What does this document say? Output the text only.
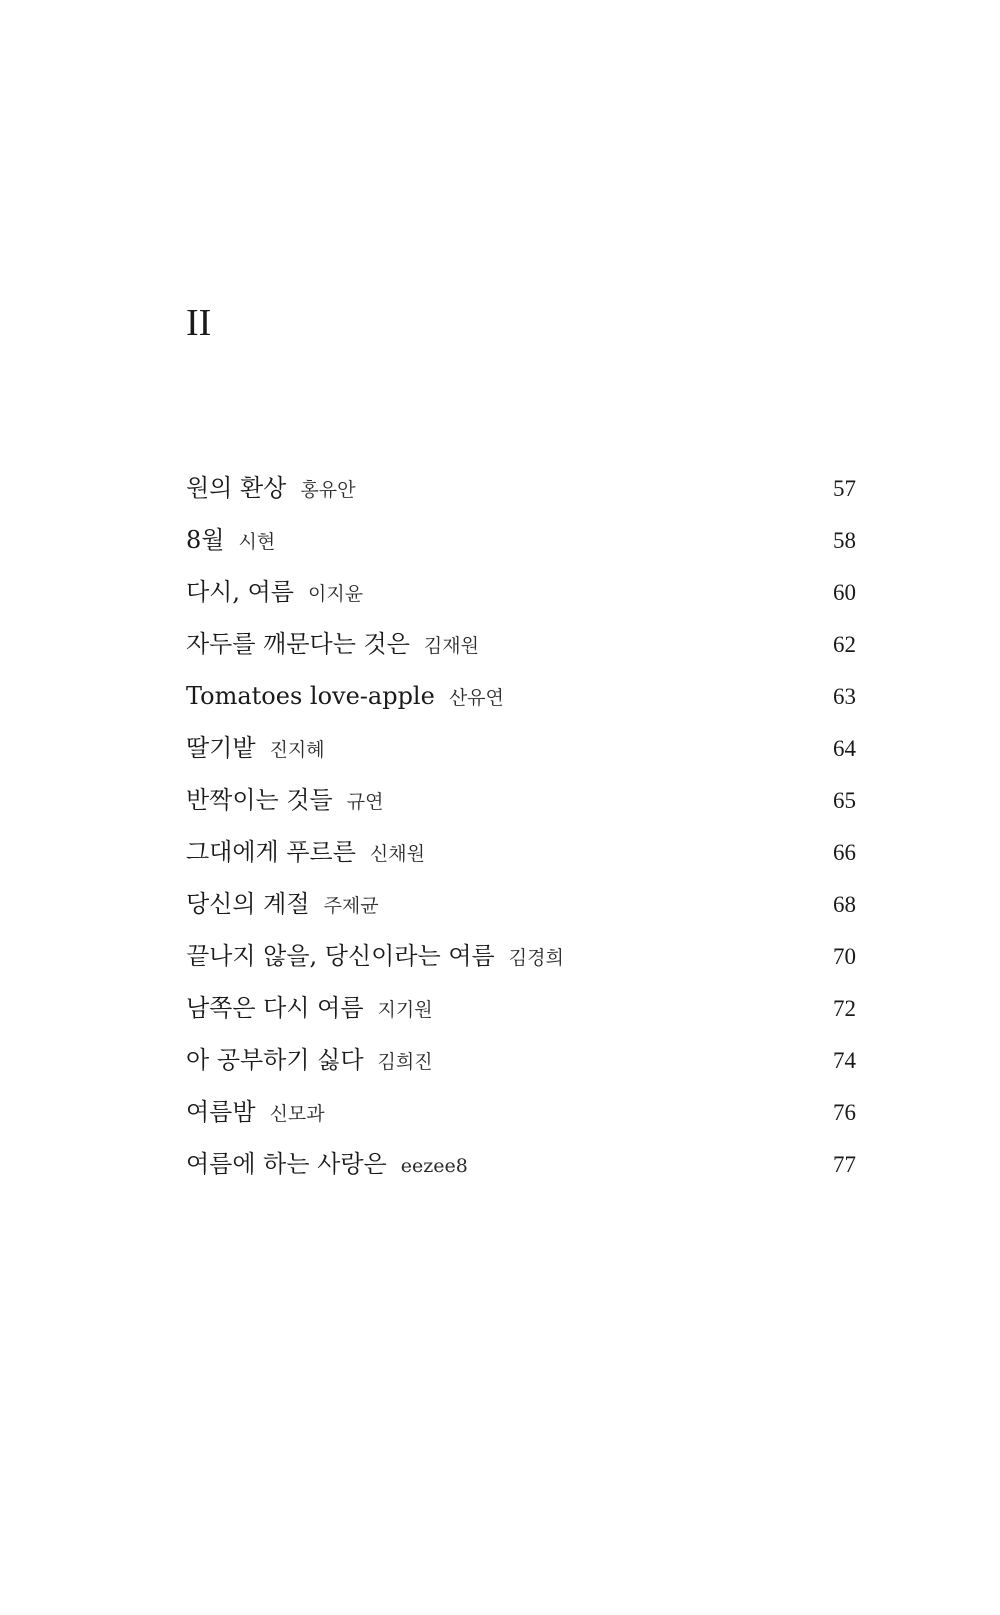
II
원의 환상 홍유안	57
8월 시현	58
다시, 여름 이지윤	60
자두를 깨문다는 것은 김재원	62
Tomatoes love-apple 산유연	63
딸기밭 진지혜	64
반짝이는 것들 규연	65
그대에게 푸르른 신채원	66
당신의 계절 주제균	68
끝나지 않을, 당신이라는 여름 김경희	70
남쪽은 다시 여름 지기원	72
아 공부하기 싫다 김희진	74
여름밤 신모과	76
여름에 하는 사랑은 eezee8	77
